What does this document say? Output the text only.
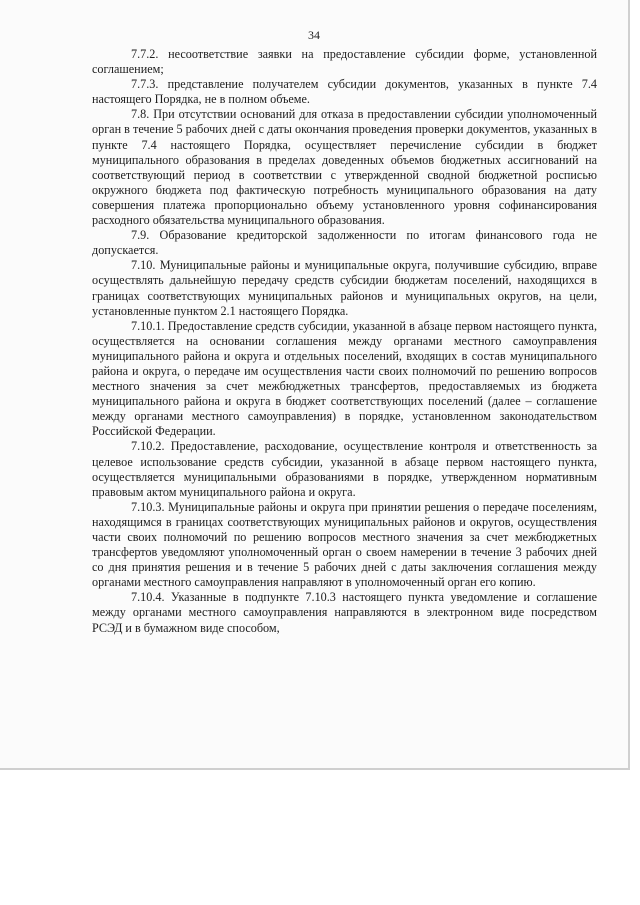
34

7.7.2. несоответствие заявки на предоставление субсидии форме, установленной соглашением;

7.7.3. представление получателем субсидии документов, указанных в пункте 7.4 настоящего Порядка, не в полном объеме.

7.8. При отсутствии оснований для отказа в предоставлении субсидии уполномоченный орган в течение 5 рабочих дней с даты окончания проведения проверки документов, указанных в пункте 7.4 настоящего Порядка, осуществляет перечисление субсидии в бюджет муниципального образования в пределах доведенных объемов бюджетных ассигнований на соответствующий период в соответствии с утвержденной сводной бюджетной росписью окружного бюджета под фактическую потребность муниципального образования на дату совершения платежа пропорционально объему установленного уровня софинансирования расходного обязательства муниципального образования.

7.9. Образование кредиторской задолженности по итогам финансового года не допускается.

7.10. Муниципальные районы и муниципальные округа, получившие субсидию, вправе осуществлять дальнейшую передачу средств субсидии бюджетам поселений, находящихся в границах соответствующих муниципальных районов и муниципальных округов, на цели, установленные пунктом 2.1 настоящего Порядка.

7.10.1. Предоставление средств субсидии, указанной в абзаце первом настоящего пункта, осуществляется на основании соглашения между органами местного самоуправления муниципального района и округа и отдельных поселений, входящих в состав муниципального района и округа, о передаче им осуществления части своих полномочий по решению вопросов местного значения за счет межбюджетных трансфертов, предоставляемых из бюджета муниципального района и округа в бюджет соответствующих поселений (далее – соглашение между органами местного самоуправления) в порядке, установленном законодательством Российской Федерации.

7.10.2. Предоставление, расходование, осуществление контроля и ответственность за целевое использование средств субсидии, указанной в абзаце первом настоящего пункта, осуществляется муниципальными образованиями в порядке, утвержденном нормативным правовым актом муниципального района и округа.

7.10.3. Муниципальные районы и округа при принятии решения о передаче поселениям, находящимся в границах соответствующих муниципальных районов и округов, осуществления части своих полномочий по решению вопросов местного значения за счет межбюджетных трансфертов уведомляют уполномоченный орган о своем намерении в течение 3 рабочих дней со дня принятия решения и в течение 5 рабочих дней с даты заключения соглашения между органами местного самоуправления направляют в уполномоченный орган его копию.

7.10.4. Указанные в подпункте 7.10.3 настоящего пункта уведомление и соглашение между органами местного самоуправления направляются в электронном виде посредством РСЭД и в бумажном виде способом,
